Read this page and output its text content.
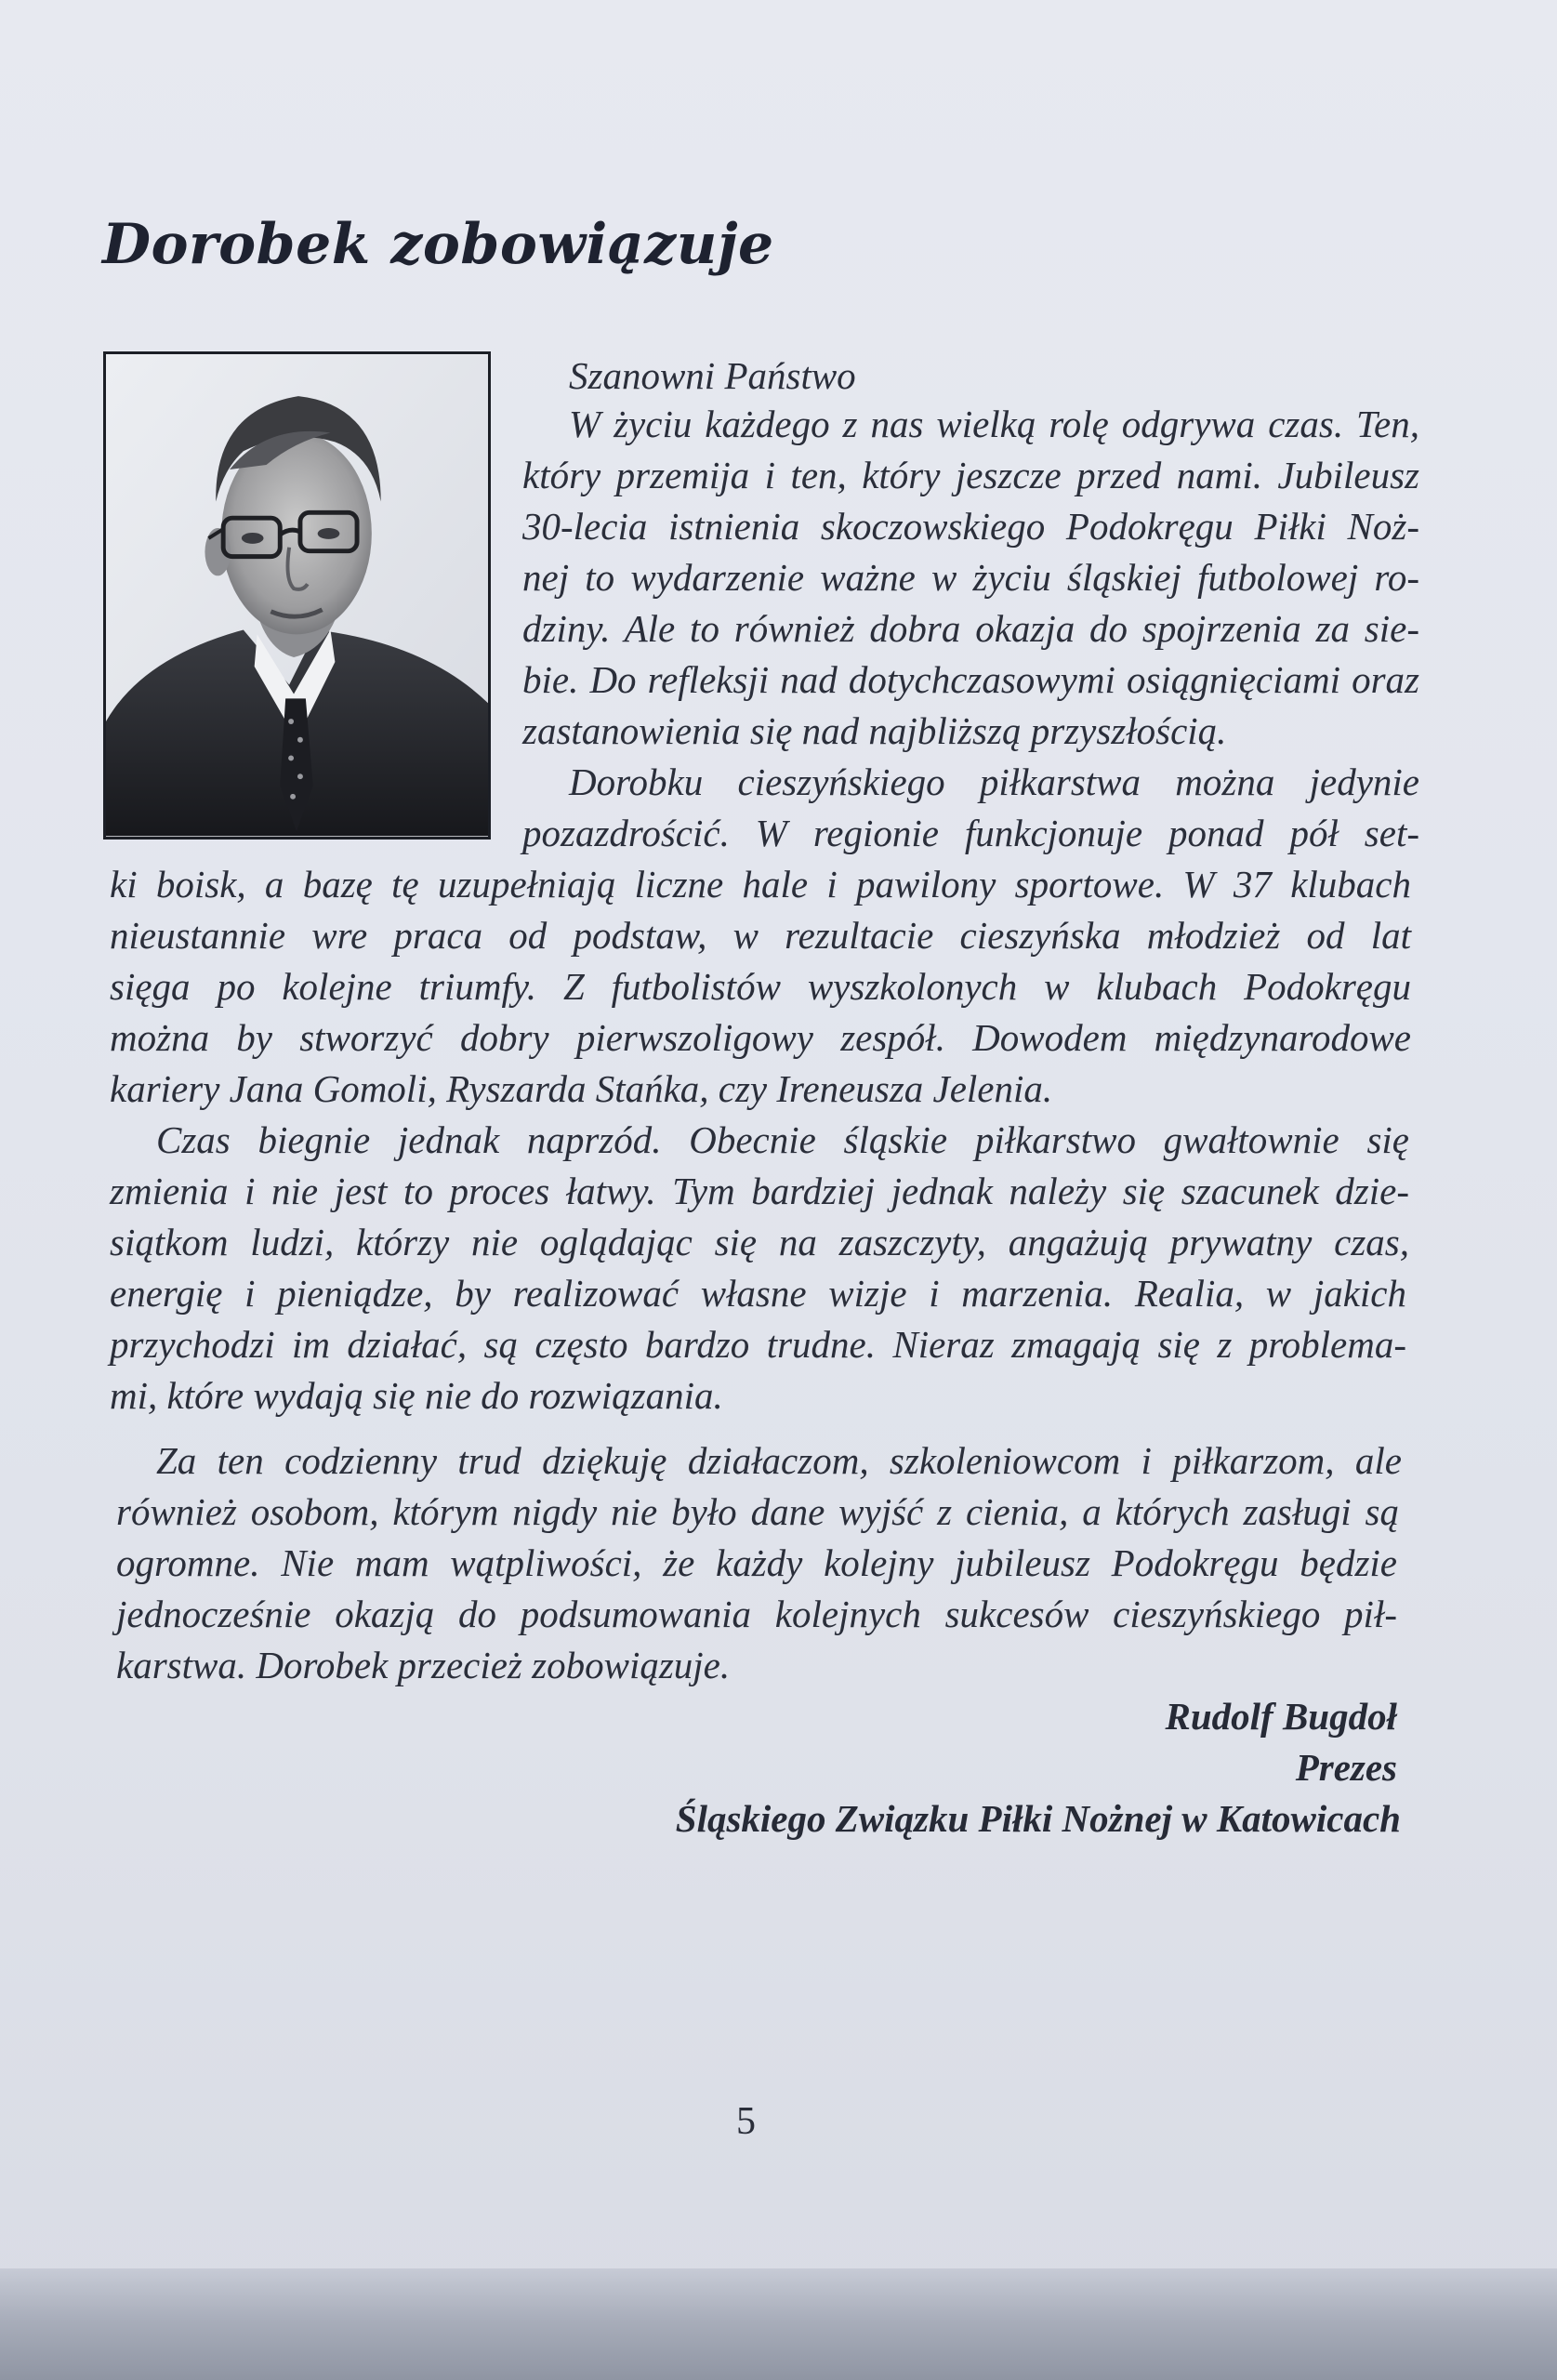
Dorobek zobowiązuje
Szanowni Państwo
W życiu każdego z nas wielką rolę odgrywa czas. Ten,
który przemija i ten, który jeszcze przed nami. Jubileusz
30-lecia istnienia skoczowskiego Podokręgu Piłki Noż-
nej to wydarzenie ważne w życiu śląskiej futbolowej ro-
dziny. Ale to również dobra okazja do spojrzenia za sie-
bie. Do refleksji nad dotychczasowymi osiągnięciami oraz
zastanowienia się nad najbliższą przyszłością.
Dorobku cieszyńskiego piłkarstwa można jedynie
pozazdrościć. W regionie funkcjonuje ponad pół set-
ki boisk, a bazę tę uzupełniają liczne hale i pawilony sportowe. W 37 klubach
nieustannie wre praca od podstaw, w rezultacie cieszyńska młodzież od lat
sięga po kolejne triumfy. Z futbolistów wyszkolonych w klubach Podokręgu
można by stworzyć dobry pierwszoligowy zespół. Dowodem międzynarodowe
kariery Jana Gomoli, Ryszarda Stańka, czy Ireneusza Jelenia.
Czas biegnie jednak naprzód. Obecnie śląskie piłkarstwo gwałtownie się
zmienia i nie jest to proces łatwy. Tym bardziej jednak należy się szacunek dzie-
siątkom ludzi, którzy nie oglądając się na zaszczyty, angażują prywatny czas,
energię i pieniądze, by realizować własne wizje i marzenia. Realia, w jakich
przychodzi im działać, są często bardzo trudne. Nieraz zmagają się z problema-
mi, które wydają się nie do rozwiązania.
Za ten codzienny trud dziękuję działaczom, szkoleniowcom i piłkarzom, ale
również osobom, którym nigdy nie było dane wyjść z cienia, a których zasługi są
ogromne. Nie mam wątpliwości, że każdy kolejny jubileusz Podokręgu będzie
jednocześnie okazją do podsumowania kolejnych sukcesów cieszyńskiego pił-
karstwa. Dorobek przecież zobowiązuje.
Rudolf Bugdoł
Prezes
Śląskiego Związku Piłki Nożnej w Katowicach
5
